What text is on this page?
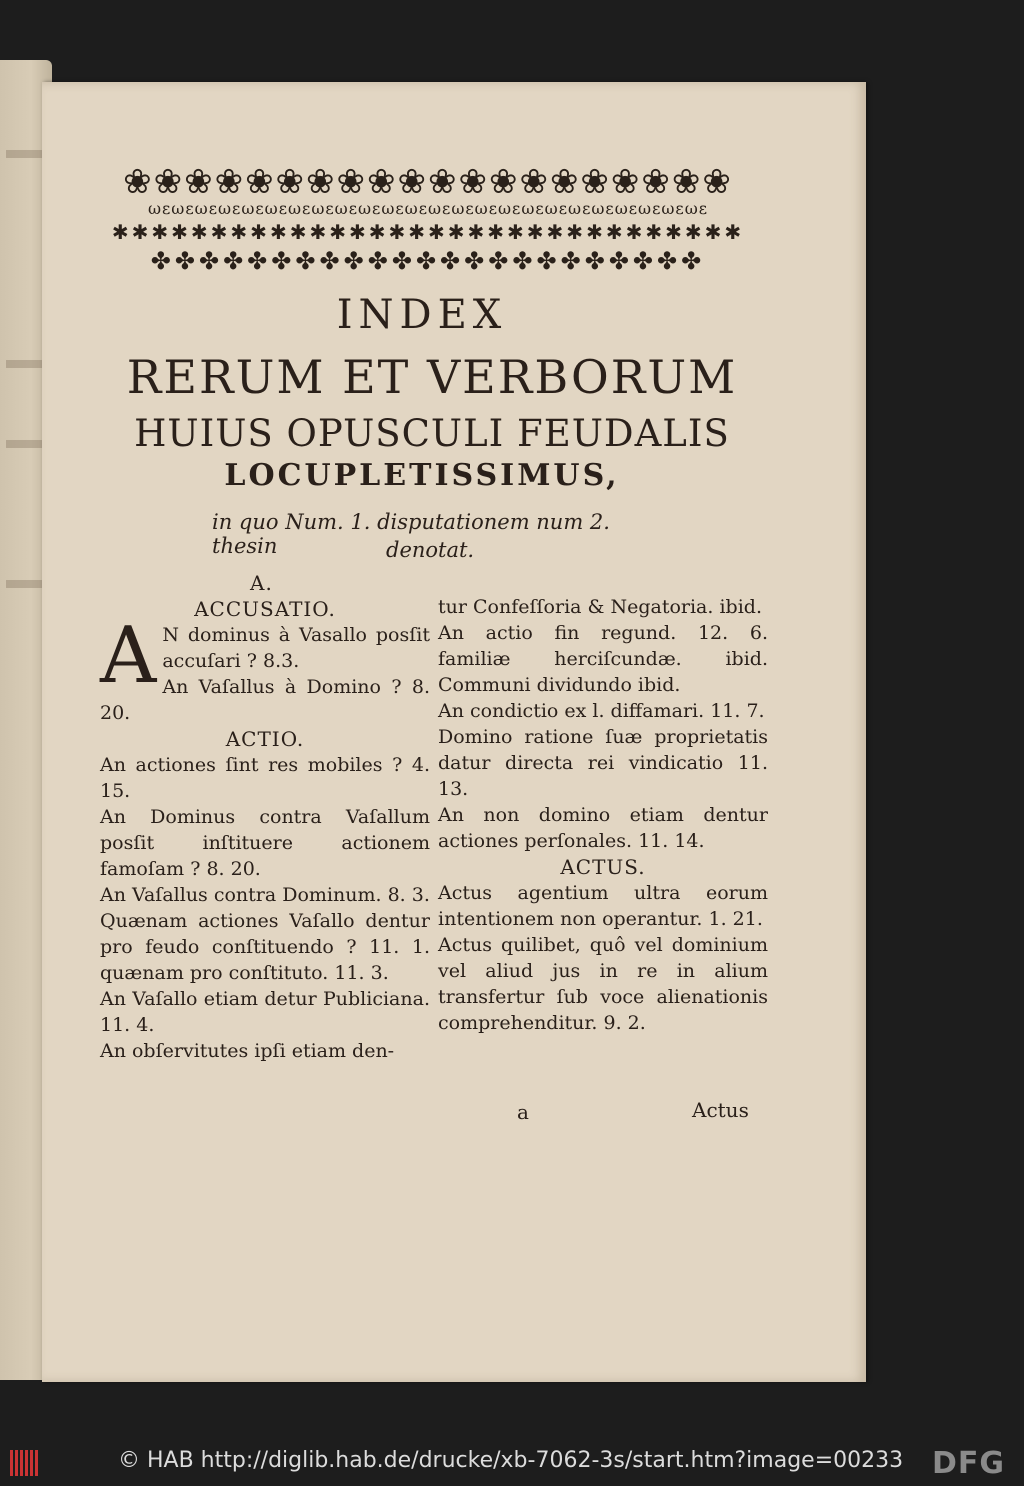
❀❀❀❀❀❀❀❀❀❀❀❀❀❀❀❀❀❀❀❀
ωεωεωεωεωεωεωεωεωεωεωεωεωεωεωεωεωεωεωεωεωεωεωεωε
✱✱✱✱✱✱✱✱✱✱✱✱✱✱✱✱✱✱✱✱✱✱✱✱✱✱✱✱✱✱✱✱
✤✤✤✤✤✤✤✤✤✤✤✤✤✤✤✤✤✤✤✤✤✤✤
INDEX
RERUM ET VERBORUM
HUIUS OPUSCULI FEUDALIS
LOCUPLETISSIMUS,
in quo Num. 1. disputationem num 2. thesin	denotat.
A.
ACCUSATIO.
A N dominus à Vasallo posſit accuſari ? 8.3.
An Vaſallus à Domino ? 8. 20.
ACTIO.
An actiones ſint res mobiles ? 4. 15.
An Dominus contra Vaſallum posſit inſtituere actionem famoſam ? 8. 20.
An Vaſallus contra Dominum. 8. 3.
Quænam actiones Vaſallo dentur pro feudo conſtituendo ? 11. 1. quænam pro conſtituto. 11. 3.
An Vaſallo etiam detur Publiciana. 11. 4.
An obſervitutes ipſi etiam den-
tur Confeſſoria & Negatoria. ibid.
An actio fin regund. 12. 6. familiæ herciſcundæ. ibid. Communi dividundo ibid.
An condictio ex l. diffamari. 11. 7.
Domino ratione ſuæ proprietatis datur directa rei vindicatio 11. 13.
An non domino etiam dentur actiones perſonales. 11. 14.
ACTUS.
Actus agentium ultra eorum intentionem non operantur. 1. 21.
Actus quilibet, quô vel dominium vel aliud jus in re in alium transfertur ſub voce alienationis comprehenditur. 9. 2.
a	Actus
© HAB http://diglib.hab.de/drucke/xb-7062-3s/start.htm?image=00233 DFG
